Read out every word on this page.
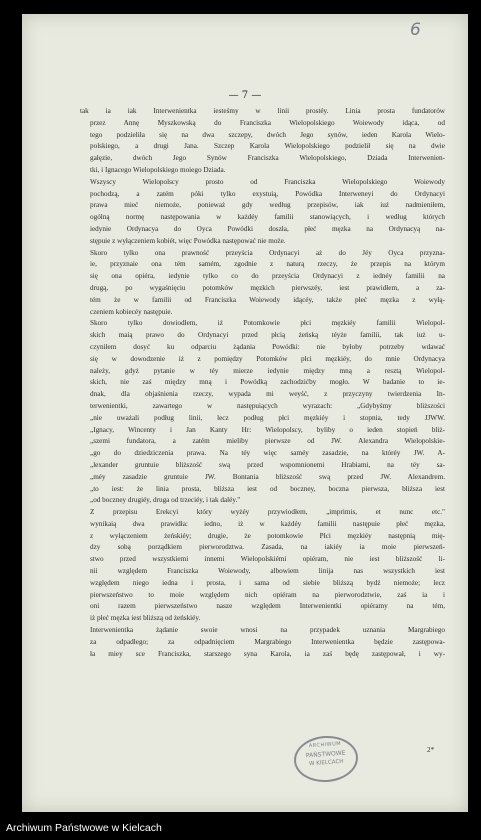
6
— 7 —
tak ia iak Interwenientka iesteśmy w linii prostéy. Linia prosta fundatorów
przez Annę Myszkowską do Franciszka Wielopolskiego Woiewody idąca, od
tego podzieliła się na dwa szczepy, dwóch Jego synów, ieden Karola Wielo-
polskiego, a drugi Jana. Szczep Karola Wielopolskiego podzielił się na dwie
gałęzie, dwóch Jego Synów Franciszka Wielopolskiego, Dziada Interwenien-
tki, i Ignacego Wielopolskiego moiego Dziada.
Wszyscy Wielopolscy prosto od Franciszka Wielopolskiego Woiewody
pochodzą, a zatém póki tylko exystuią, Powódka Interweneyi do Ordynacyi
prawa mieć niemoże, ponieważ gdy według przepisów, iak iuż nadmieniłem,
ogólną normę następowania w każdéy familii stanowiących, i według których
iedynie Ordynacya do Oyca Powódki doszła, płeć męzka na Ordynacyą na-
stępuie z wyłączeniem kobiét, więc Powódka następować nie może.
Skoro tylko ona prawność przeyścia Ordynacyi aż do Jéy Oyca przyzna-
ie, przyznaie ona tém samém, zgodnie z naturą rzeczy, że przepis na którym
się ona opiéra, iedynie tylko co do przeyścia Ordynacyi z iednéy familii na
drugą, po wygaśnięciu potomków męzkich pierwszéy, iest prawidłem, a za-
tém że w familii od Franciszka Woiewody idącéy, także płeć męzka z wyłą-
czeniem kobiecéy następuie.
Skoro tylko dowiodłem, iż Potomkowie płci męzkiéy familii Wielopol-
skich maią prawo do Ordynacyi przed płcią żeńską téyże familii, tak iuż u-
czyniłem dosyć ku odparciu żądania Powódki: nie byłoby potrzeby wdawać
się w dowodzenie iż z pomiędzy Potomków płci męzkiéy, do mnie Ordynacya
należy, gdyż pytanie w téy mierze iedynie między mną a resztą Wielopol-
skich, nie zaś między mną i Powódką zachodzićby mogło. W badanie to ie-
dnak, dla objaśnienia rzeczy, wypada mi weyść, z przyczyny twierdzenia In-
terwenientki, zawartego w następuiących wyrazach: „Gdybyśmy bliższości
„nie uważali podług linii, lecz podług płci męzkiéy i stopnia, tedy JJWW.
„Ignacy, Wincenty i Jan Kanty Hr: Wielopolscy, byliby o ieden stopień bliż-
„szemi fundatora, a zatém mieliby pierwsze od JW. Alexandra Wielopolskie-
„go do dziedziczenia prawa. Na téy więc saméy zasadzie, na któréy JW. A-
„lexander gruntuie bliższość swą przed wspomnionemi Hrabiami, na téy sa-
„méy zasadzie gruntuie JW. Bontania bliższość swą przed JW. Alexandrem.
„to iest: że linia prosta, bliższa iest od boczney, boczna pierwsza, bliższa iest
„od boczney drugiéy, druga od trzeciéy, i tak daléy."
Z przepisu Erekcyi który wyżéy przywiodłem, „imprimis, et nunc etc."
wynikaią dwa prawidła: iedno, iż w każdéy familii następuie płeć męzka,
z wyłączeniem żeńskiéy; drugie, że potomkowie Płci męzkiéy następnią mię-
dzy sobą porządkiem pierworodztwa. Zasada, na iakiéy ia moie pierwszeń-
stwo przed wszystkiemi innemi Wielopolskiémi opiéram, nie iest bliższość li-
nii względem Franciszka Woiewody, albowiem linija nas wszystkich iest
względem niego iedna i prosta, i sama od siebie bliższą bydź niemoże; lecz
pierwszeństwo to moie względem nich opiéram na pierworodztwie, zaś ia i
oni razem pierwszeństwo nasze względem Interwenientki opiéramy na tém,
iż płeć męzka iest bliższą od żeńskiéy.
Interwenientka żądanie swoie wnosi na przypadek uznania Margrabiego
za odpadłego; za odpadnięciem Margrabiego Interwenientka będzie zastępowa-
ła miey sce Franciszka, starszego syna Karola, ia zaś będę zastępował, i wy-
2*
ARCHIWUM
PAŃSTWOWE
W KIELCACH
Archiwum Państwowe w Kielcach
